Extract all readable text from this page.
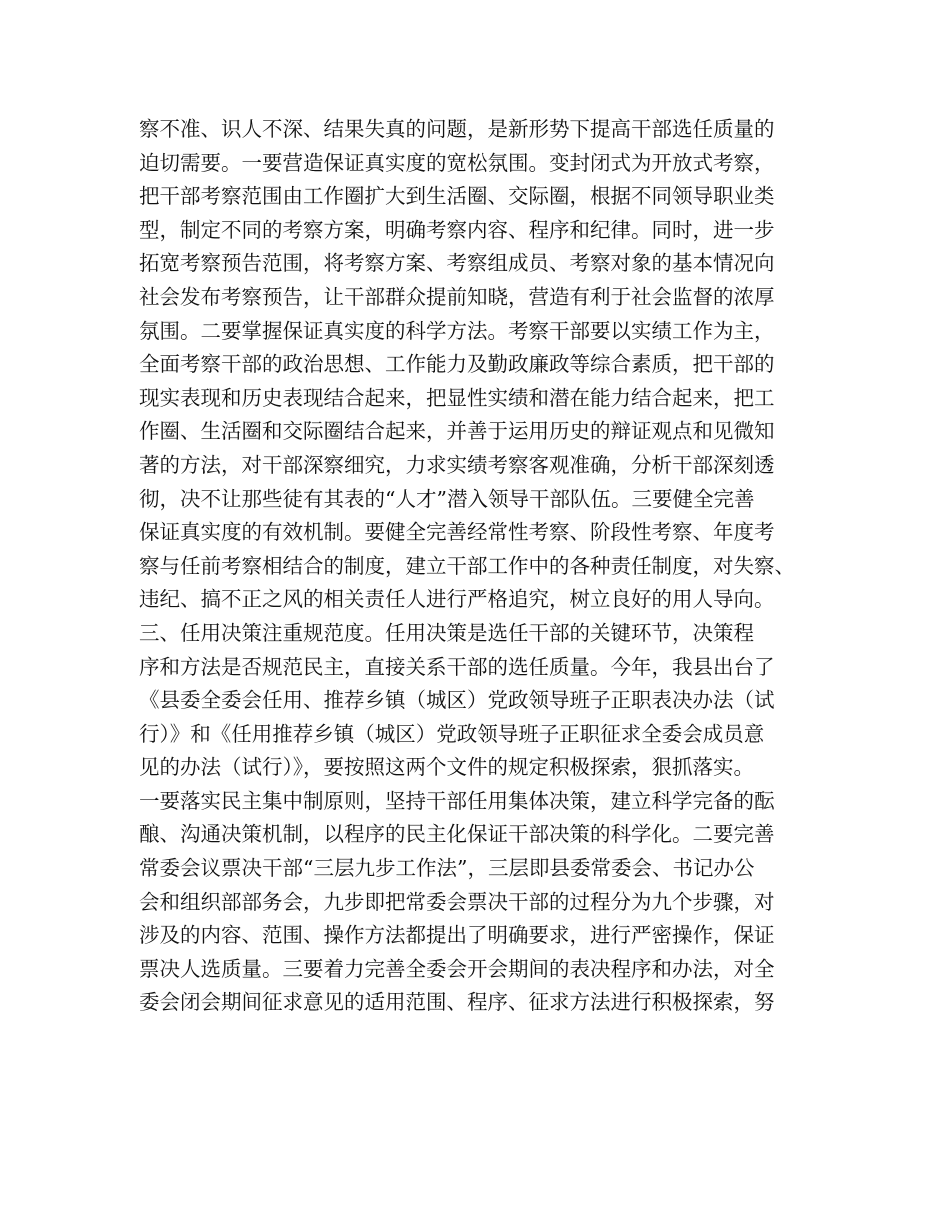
察不准、识人不深、结果失真的问题，是新形势下提高干部选任质量的
迫切需要。一要营造保证真实度的宽松氛围。变封闭式为开放式考察，
把干部考察范围由工作圈扩大到生活圈、交际圈，根据不同领导职业类
型，制定不同的考察方案，明确考察内容、程序和纪律。同时，进一步
拓宽考察预告范围，将考察方案、考察组成员、考察对象的基本情况向
社会发布考察预告，让干部群众提前知晓，营造有利于社会监督的浓厚
氛围。二要掌握保证真实度的科学方法。考察干部要以实绩工作为主，
全面考察干部的政治思想、工作能力及勤政廉政等综合素质，把干部的
现实表现和历史表现结合起来，把显性实绩和潜在能力结合起来，把工
作圈、生活圈和交际圈结合起来，并善于运用历史的辩证观点和见微知
著的方法，对干部深察细究，力求实绩考察客观准确，分析干部深刻透
彻，决不让那些徒有其表的“人才”潜入领导干部队伍。三要健全完善
保证真实度的有效机制。要健全完善经常性考察、阶段性考察、年度考
察与任前考察相结合的制度，建立干部工作中的各种责任制度，对失察、
违纪、搞不正之风的相关责任人进行严格追究，树立良好的用人导向。
三、任用决策注重规范度。任用决策是选任干部的关键环节，决策程
序和方法是否规范民主，直接关系干部的选任质量。今年，我县出台了
《县委全委会任用、推荐乡镇（城区）党政领导班子正职表决办法（试
行）》和《任用推荐乡镇（城区）党政领导班子正职征求全委会成员意
见的办法（试行）》，要按照这两个文件的规定积极探索，狠抓落实。
一要落实民主集中制原则，坚持干部任用集体决策，建立科学完备的酝
酿、沟通决策机制，以程序的民主化保证干部决策的科学化。二要完善
常委会议票决干部“三层九步工作法”，三层即县委常委会、书记办公
会和组织部部务会，九步即把常委会票决干部的过程分为九个步骤，对
涉及的内容、范围、操作方法都提出了明确要求，进行严密操作，保证
票决人选质量。三要着力完善全委会开会期间的表决程序和办法，对全
委会闭会期间征求意见的适用范围、程序、征求方法进行积极探索，努
